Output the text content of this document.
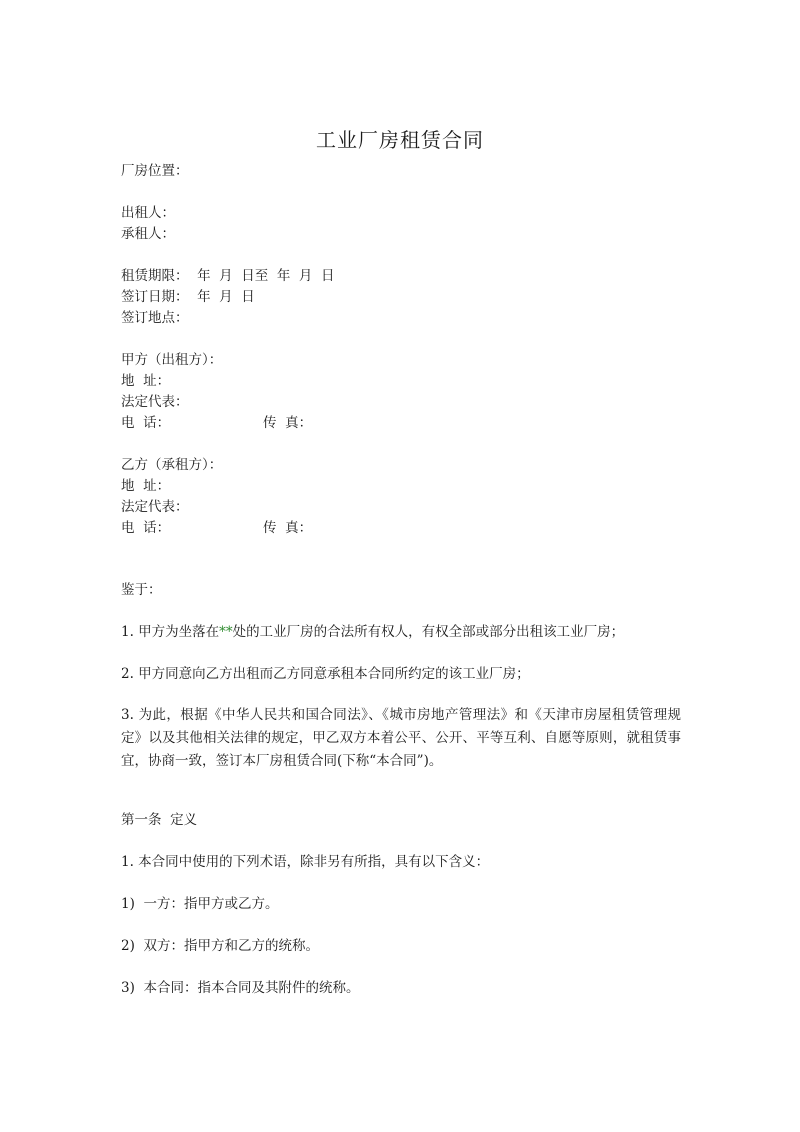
工业厂房租赁合同
厂房位置：
出租人：
承租人：
租赁期限：  年  月  日至  年  月  日
签订日期：  年  月  日
签订地点：
甲方（出租方）：
地  址：
法定代表：
电  话：	传  真：
乙方（承租方）：
地  址：
法定代表：
电  话：	传  真：
鉴于：
1. 甲方为坐落在**处的工业厂房的合法所有权人，有权全部或部分出租该工业厂房；
2. 甲方同意向乙方出租而乙方同意承租本合同所约定的该工业厂房；
3. 为此，根据《中华人民共和国合同法》、《城市房地产管理法》和《天津市房屋租赁管理规定》以及其他相关法律的规定，甲乙双方本着公平、公开、平等互利、自愿等原则，就租赁事宜，协商一致，签订本厂房租赁合同(下称“本合同”)。
第一条  定义
1. 本合同中使用的下列术语，除非另有所指，具有以下含义：
1)  一方：指甲方或乙方。
2)  双方：指甲方和乙方的统称。
3)  本合同：指本合同及其附件的统称。
